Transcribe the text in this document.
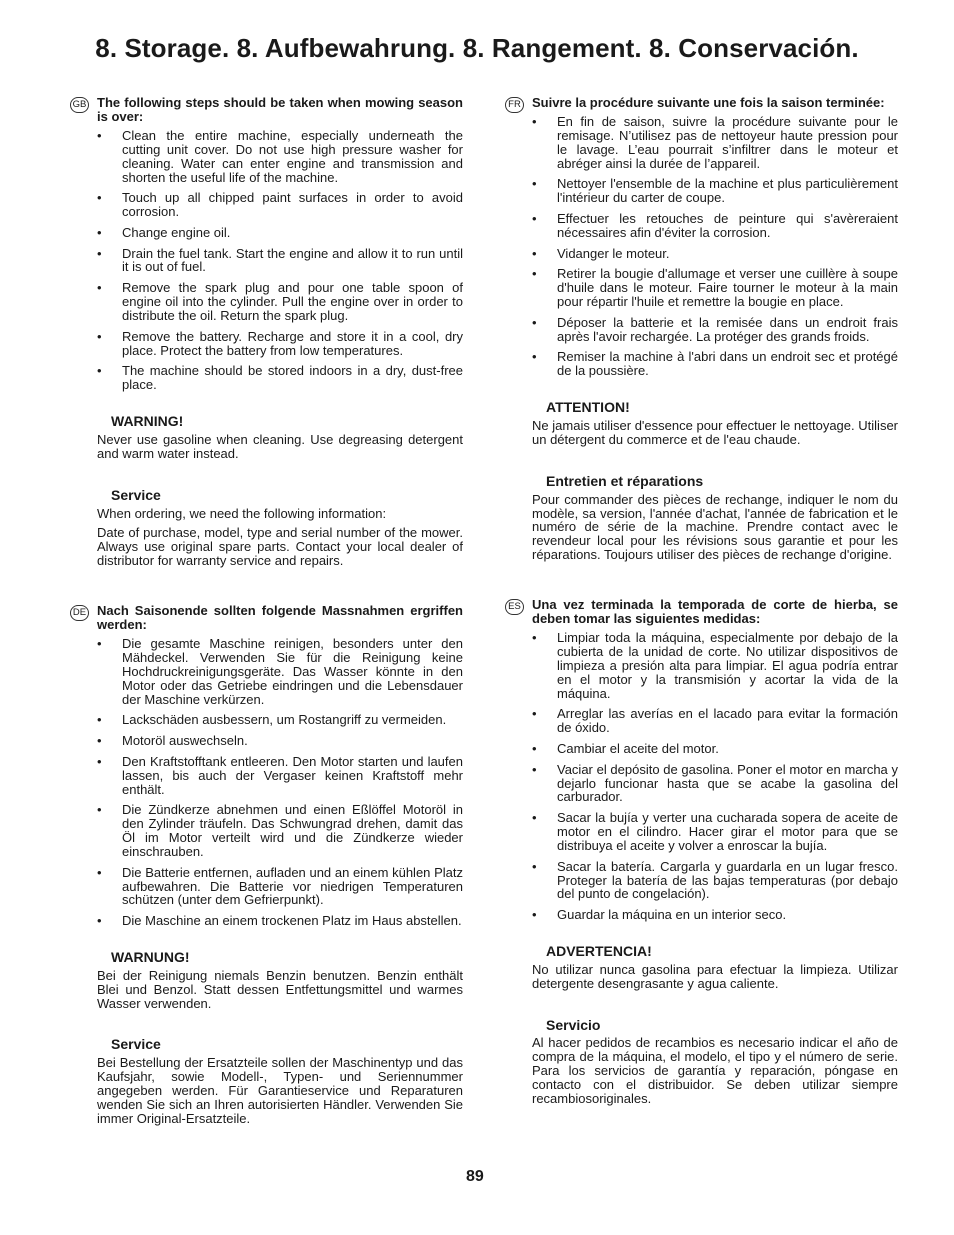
8. Storage. 8. Aufbewahrung. 8. Rangement. 8. Conservación.
GB The following steps should be taken when mowing season is over:

• Clean the entire machine, especially underneath the cutting unit cover. Do not use high pressure washer for cleaning. Water can enter engine and transmission and shorten the useful life of the machine.
• Touch up all chipped paint surfaces in order to avoid corrosion.
• Change engine oil.
• Drain the fuel tank. Start the engine and allow it to run until it is out of fuel.
• Remove the spark plug and pour one table spoon of engine oil into the cylinder. Pull the engine over in order to distribute the oil. Return the spark plug.
• Remove the battery. Recharge and store it in a cool, dry place. Protect the battery from low temperatures.
• The machine should be stored indoors in a dry, dust-free place.
WARNING!

Never use gasoline when cleaning. Use degreasing detergent and warm water instead.

Service

When ordering, we need the following information:

Date of purchase, model, type and serial number of the mower. Always use original spare parts. Contact your local dealer of distributor for warranty service and repairs.

DE Nach Saisonende sollten folgende Massnahmen ergriffen werden:

• Die gesamte Maschine reinigen, besonders unter den Mähdeckel. Verwenden Sie für die Reinigung keine Hochdruckreinigungsgeräte. Das Wasser könnte in den Motor oder das Getriebe eindringen und die Lebensdauer der Maschine verkürzen.
• Lackschäden ausbessern, um Rostangriff zu vermeiden.
• Motoröl auswechseln.
• Den Kraftstofftank entleeren. Den Motor starten und laufen lassen, bis auch der Vergaser keinen Kraftstoff mehr enthält.
• Die Zündkerze abnehmen und einen Eßlöffel Motoröl in den Zylinder träufeln. Das Schwungrad drehen, damit das Öl im Motor verteilt wird und die Zündkerze wieder einschrauben.
• Die Batterie entfernen, aufladen und an einem kühlen Platz aufbewahren. Die Batterie vor niedrigen Temperaturen schützen (unter dem Gefrierpunkt).
• Die Maschine an einem trockenen Platz im Haus abstellen.
WARNUNG!

Bei der Reinigung niemals Benzin benutzen. Benzin enthält Blei und Benzol. Statt dessen Entfettungsmittel und warmes Wasser verwenden.

Service

Bei Bestellung der Ersatzteile sollen der Maschinentyp und das Kaufsjahr, sowie Modell-, Typen- und Seriennummer angegeben werden. Für Garantieservice und Reparaturen wenden Sie sich an Ihren autorisierten Händler. Verwenden Sie immer Original-Ersatzteile.

FR Suivre la procédure suivante une fois la saison terminée:

• En fin de saison, suivre la procédure suivante pour le remisage. N’utilisez pas de nettoyeur haute pression pour le lavage. L’eau pourrait s’infiltrer dans le moteur et abréger ainsi la durée de l’appareil.
• Nettoyer l'ensemble de la machine et plus particulièrement l'intérieur du carter de coupe.
• Effectuer les retouches de peinture qui s'avèreraient nécessaires afin d'éviter la corrosion.
• Vidanger le moteur.
• Retirer la bougie d'allumage et verser une cuillère à soupe d'huile dans le moteur. Faire tourner le moteur à la main pour répartir l'huile et remettre la bougie en place.
• Déposer la batterie et la remisée dans un endroit frais après l'avoir rechargée. La protéger des grands froids.
• Remiser la machine à l'abri dans un endroit sec et protégé de la poussière.
ATTENTION!

Ne jamais utiliser d'essence pour effectuer le nettoyage. Utiliser un détergent du commerce et de l'eau chaude.

Entretien et réparations

Pour commander des pièces de rechange, indiquer le nom du modèle, sa version, l'année d'achat, l'année de fabrication et le numéro de série de la machine. Prendre contact avec le revendeur local pour les révisions sous garantie et pour les réparations. Toujours utiliser des pièces de rechange d'origine.

ES Una vez terminada la temporada de corte de hierba, se deben tomar las siguientes medidas:

• Limpiar toda la máquina, especialmente por debajo de la cubierta de la unidad de corte. No utilizar dispositivos de limpieza a presión alta para limpiar. El agua podría entrar en el motor y la transmisión y acortar la vida de la máquina.
• Arreglar las averías en el lacado para evitar la formación de óxido.
• Cambiar el aceite del motor.
• Vaciar el depósito de gasolina. Poner el motor en marcha y dejarlo funcionar hasta que se acabe la gasolina del carburador.
• Sacar la bujía y verter una cucharada sopera de aceite de motor en el cilindro. Hacer girar el motor para que se distribuya el aceite y volver a enroscar la bujía.
• Sacar la batería. Cargarla y guardarla en un lugar fresco. Proteger la batería de las bajas temperaturas (por debajo del punto de congelación).
• Guardar la máquina en un interior seco.
ADVERTENCIA!

No utilizar nunca gasolina para efectuar la limpieza. Utilizar detergente desengrasante y agua caliente.

Servicio

Al hacer pedidos de recambios es necesario indicar el año de compra de la máquina, el modelo, el tipo y el número de serie. Para los servicios de garantía y reparación, póngase en contacto con el distribuidor. Se deben utilizar siempre recambiosoriginales.

89
